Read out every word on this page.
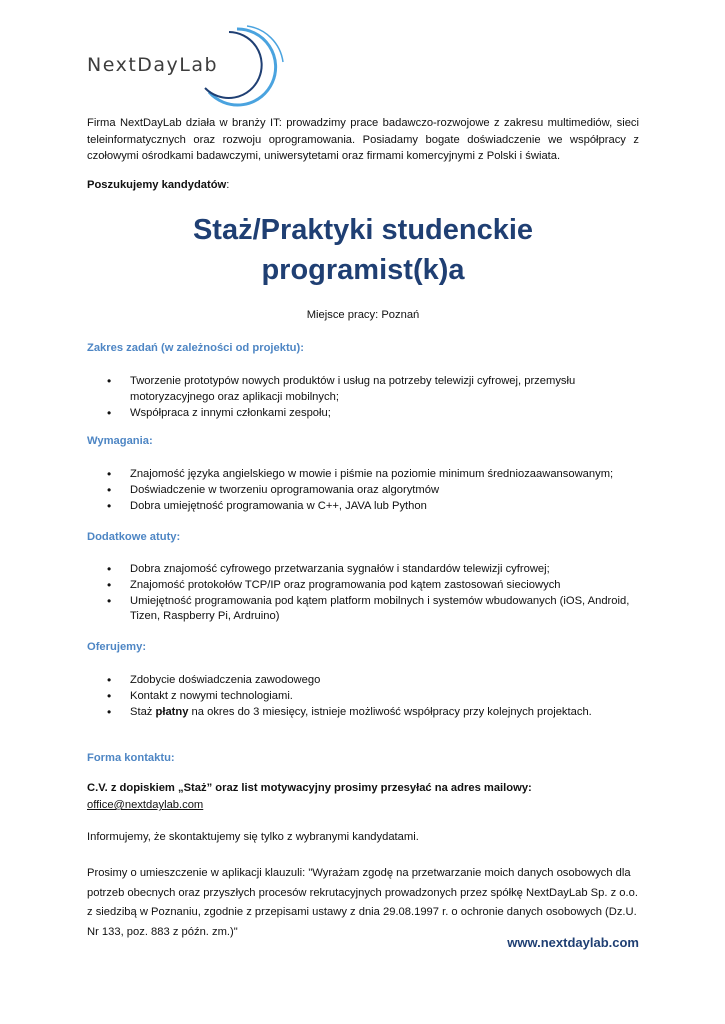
NextDayLab
Firma NextDayLab działa w branży IT: prowadzimy prace badawczo-rozwojowe z zakresu multimediów, sieci teleinformatycznych oraz rozwoju oprogramowania. Posiadamy bogate doświadczenie we współpracy z czołowymi ośrodkami badawczymi, uniwersytetami oraz firmami komercyjnymi z Polski i świata.
Poszukujemy kandydatów:
Staż/Praktyki studenckie
programist(k)a
Miejsce pracy: Poznań
Zakres zadań (w zależności od projektu):
• Tworzenie prototypów nowych produktów i usług na potrzeby telewizji cyfrowej, przemysłu motoryzacyjnego oraz aplikacji mobilnych;
• Współpraca z innymi członkami zespołu;
Wymagania:
• Znajomość języka angielskiego w mowie i piśmie na poziomie minimum średniozaawansowanym;
• Doświadczenie w tworzeniu oprogramowania oraz algorytmów
• Dobra umiejętność programowania w C++, JAVA lub Python
Dodatkowe atuty:
• Dobra znajomość cyfrowego przetwarzania sygnałów i standardów telewizji cyfrowej;
• Znajomość protokołów TCP/IP oraz programowania pod kątem zastosowań sieciowych
• Umiejętność programowania pod kątem platform mobilnych i systemów wbudowanych (iOS, Android, Tizen, Raspberry Pi, Ardruino)
Oferujemy:
• Zdobycie doświadczenia zawodowego
• Kontakt z nowymi technologiami.
• Staż płatny na okres do 3 miesięcy, istnieje możliwość współpracy przy kolejnych projektach.
Forma kontaktu:
C.V. z dopiskiem „Staż” oraz list motywacyjny prosimy przesyłać na adres mailowy:
office@nextdaylab.com
Informujemy, że skontaktujemy się tylko z wybranymi kandydatami.
Prosimy o umieszczenie w aplikacji klauzuli: "Wyrażam zgodę na przetwarzanie moich danych osobowych dla potrzeb obecnych oraz przyszłych procesów rekrutacyjnych prowadzonych przez spółkę NextDayLab Sp. z o.o. z siedzibą w Poznaniu, zgodnie z przepisami ustawy z dnia 29.08.1997 r. o ochronie danych osobowych (Dz.U. Nr 133, poz. 883 z późn. zm.)"
www.nextdaylab.com
